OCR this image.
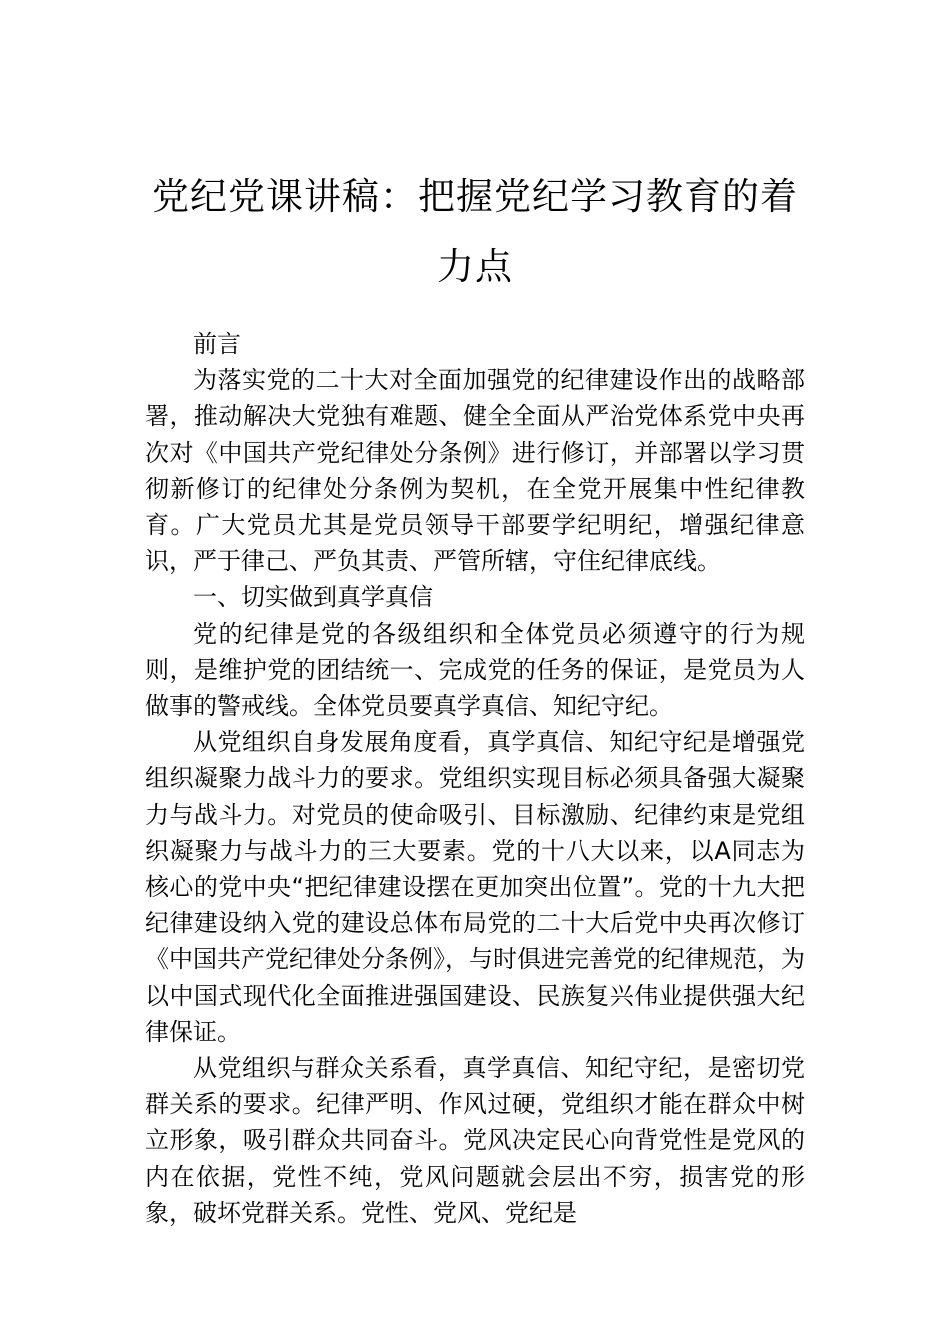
党纪党课讲稿：把握党纪学习教育的着力点

前言

为落实党的二十大对全面加强党的纪律建设作出的战略部署，推动解决大党独有难题、健全全面从严治党体系党中央再次对《中国共产党纪律处分条例》进行修订，并部署以学习贯彻新修订的纪律处分条例为契机，在全党开展集中性纪律教育。广大党员尤其是党员领导干部要学纪明纪，增强纪律意识，严于律己、严负其责、严管所辖，守住纪律底线。

一、切实做到真学真信

党的纪律是党的各级组织和全体党员必须遵守的行为规则，是维护党的团结统一、完成党的任务的保证，是党员为人做事的警戒线。全体党员要真学真信、知纪守纪。

从党组织自身发展角度看，真学真信、知纪守纪是增强党组织凝聚力战斗力的要求。党组织实现目标必须具备强大凝聚力与战斗力。对党员的使命吸引、目标激励、纪律约束是党组织凝聚力与战斗力的三大要素。党的十八大以来，以A同志为核心的党中央“把纪律建设摆在更加突出位置”。党的十九大把纪律建设纳入党的建设总体布局党的二十大后党中央再次修订《中国共产党纪律处分条例》，与时俱进完善党的纪律规范，为以中国式现代化全面推进强国建设、民族复兴伟业提供强大纪律保证。

从党组织与群众关系看，真学真信、知纪守纪，是密切党群关系的要求。纪律严明、作风过硬，党组织才能在群众中树立形象，吸引群众共同奋斗。党风决定民心向背党性是党风的内在依据，党性不纯，党风问题就会层出不穷，损害党的形象，破坏党群关系。党性、党风、党纪是
